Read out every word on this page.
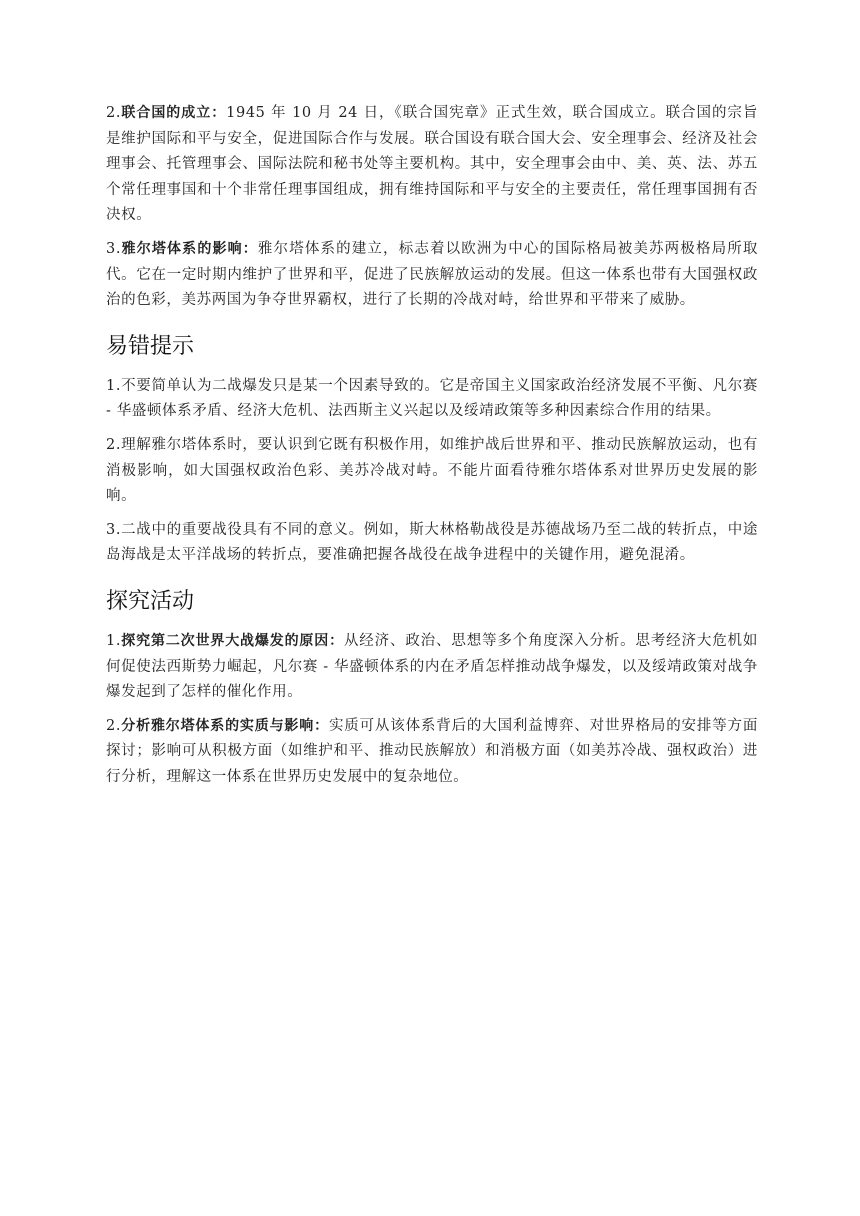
2.联合国的成立：1945 年 10 月 24 日，《联合国宪章》正式生效，联合国成立。联合国的宗旨是维护国际和平与安全，促进国际合作与发展。联合国设有联合国大会、安全理事会、经济及社会理事会、托管理事会、国际法院和秘书处等主要机构。其中，安全理事会由中、美、英、法、苏五个常任理事国和十个非常任理事国组成，拥有维持国际和平与安全的主要责任，常任理事国拥有否决权。

3.雅尔塔体系的影响：雅尔塔体系的建立，标志着以欧洲为中心的国际格局被美苏两极格局所取代。它在一定时期内维护了世界和平，促进了民族解放运动的发展。但这一体系也带有大国强权政治的色彩，美苏两国为争夺世界霸权，进行了长期的冷战对峙，给世界和平带来了威胁。

易错提示

1.不要简单认为二战爆发只是某一个因素导致的。它是帝国主义国家政治经济发展不平衡、凡尔赛 - 华盛顿体系矛盾、经济大危机、法西斯主义兴起以及绥靖政策等多种因素综合作用的结果。

2.理解雅尔塔体系时，要认识到它既有积极作用，如维护战后世界和平、推动民族解放运动，也有消极影响，如大国强权政治色彩、美苏冷战对峙。不能片面看待雅尔塔体系对世界历史发展的影响。

3.二战中的重要战役具有不同的意义。例如，斯大林格勒战役是苏德战场乃至二战的转折点，中途岛海战是太平洋战场的转折点，要准确把握各战役在战争进程中的关键作用，避免混淆。

探究活动

1.探究第二次世界大战爆发的原因：从经济、政治、思想等多个角度深入分析。思考经济大危机如何促使法西斯势力崛起，凡尔赛 - 华盛顿体系的内在矛盾怎样推动战争爆发，以及绥靖政策对战争爆发起到了怎样的催化作用。

2.分析雅尔塔体系的实质与影响：实质可从该体系背后的大国利益博弈、对世界格局的安排等方面探讨；影响可从积极方面（如维护和平、推动民族解放）和消极方面（如美苏冷战、强权政治）进行分析，理解这一体系在世界历史发展中的复杂地位。
